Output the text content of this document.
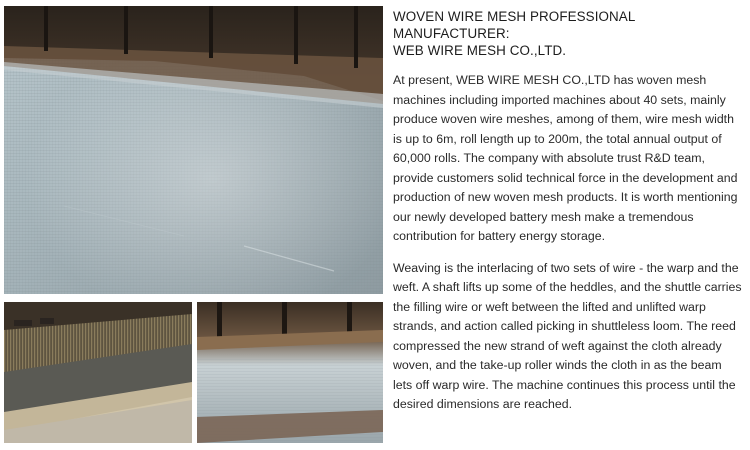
WOVEN WIRE MESH PROFESSIONAL MANUFACTURER:
WEB WIRE MESH CO.,LTD.

At present, WEB WIRE MESH CO.,LTD has woven mesh machines including imported machines about 40 sets, mainly produce woven wire meshes, among of them, wire mesh width is up to 6m, roll length up to 200m, the total annual output of 60,000 rolls. The company with absolute trust R&D team, provide customers solid technical force in the development and production of new woven mesh products. It is worth mentioning our newly developed battery mesh make a tremendous contribution for battery energy storage.

Weaving is the interlacing of two sets of wire - the warp and the weft. A shaft lifts up some of the heddles, and the shuttle carries the filling wire or weft between the lifted and unlifted warp strands, and action called picking in shuttleless loom. The reed compressed the new strand of weft against the cloth already woven, and the take-up roller winds the cloth in as the beam lets off warp wire. The machine continues this process until the desired dimensions are reached.
